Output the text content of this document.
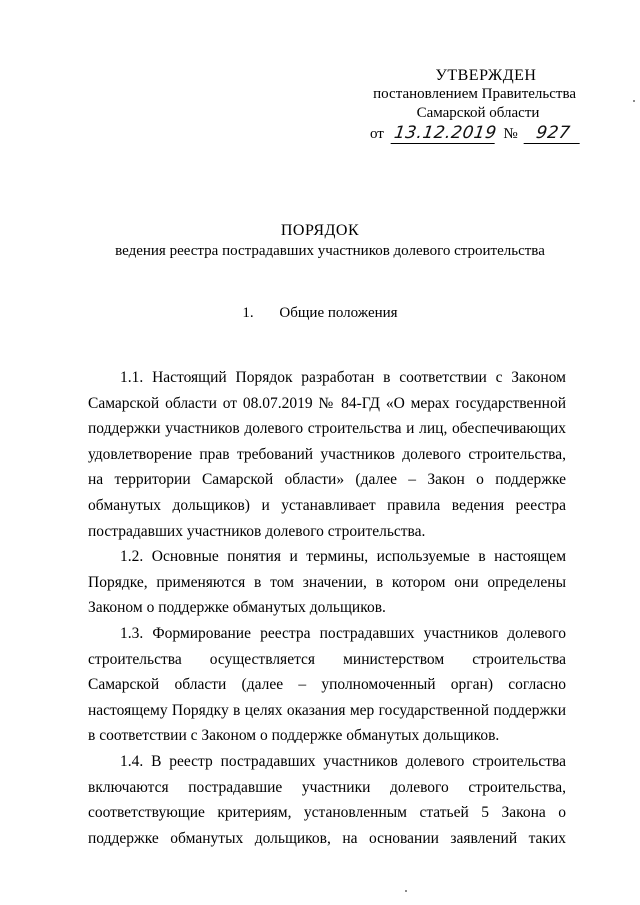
УТВЕРЖДЕН
постановлением Правительства
Самарской области
от 13.12.2019 № 927
ПОРЯДОК
ведения реестра пострадавших участников долевого строительства
1. Общие положения

1.1. Настоящий Порядок разработан в соответствии с Законом Самарской области от 08.07.2019 № 84-ГД «О мерах государственной поддержки участников долевого строительства и лиц, обеспечивающих удовлетворение прав требований участников долевого строительства, на территории Самарской области» (далее – Закон о поддержке обманутых дольщиков) и устанавливает правила ведения реестра пострадавших участников долевого строительства.

1.2. Основные понятия и термины, используемые в настоящем Порядке, применяются в том значении, в котором они определены Законом о поддержке обманутых дольщиков.

1.3. Формирование реестра пострадавших участников долевого строительства осуществляется министерством строительства Самарской области (далее – уполномоченный орган) согласно настоящему Порядку в целях оказания мер государственной поддержки в соответствии с Законом о поддержке обманутых дольщиков.

1.4. В реестр пострадавших участников долевого строительства включаются пострадавшие участники долевого строительства, соответствующие критериям, установленным статьей 5 Закона о поддержке обманутых дольщиков, на основании заявлений таких
